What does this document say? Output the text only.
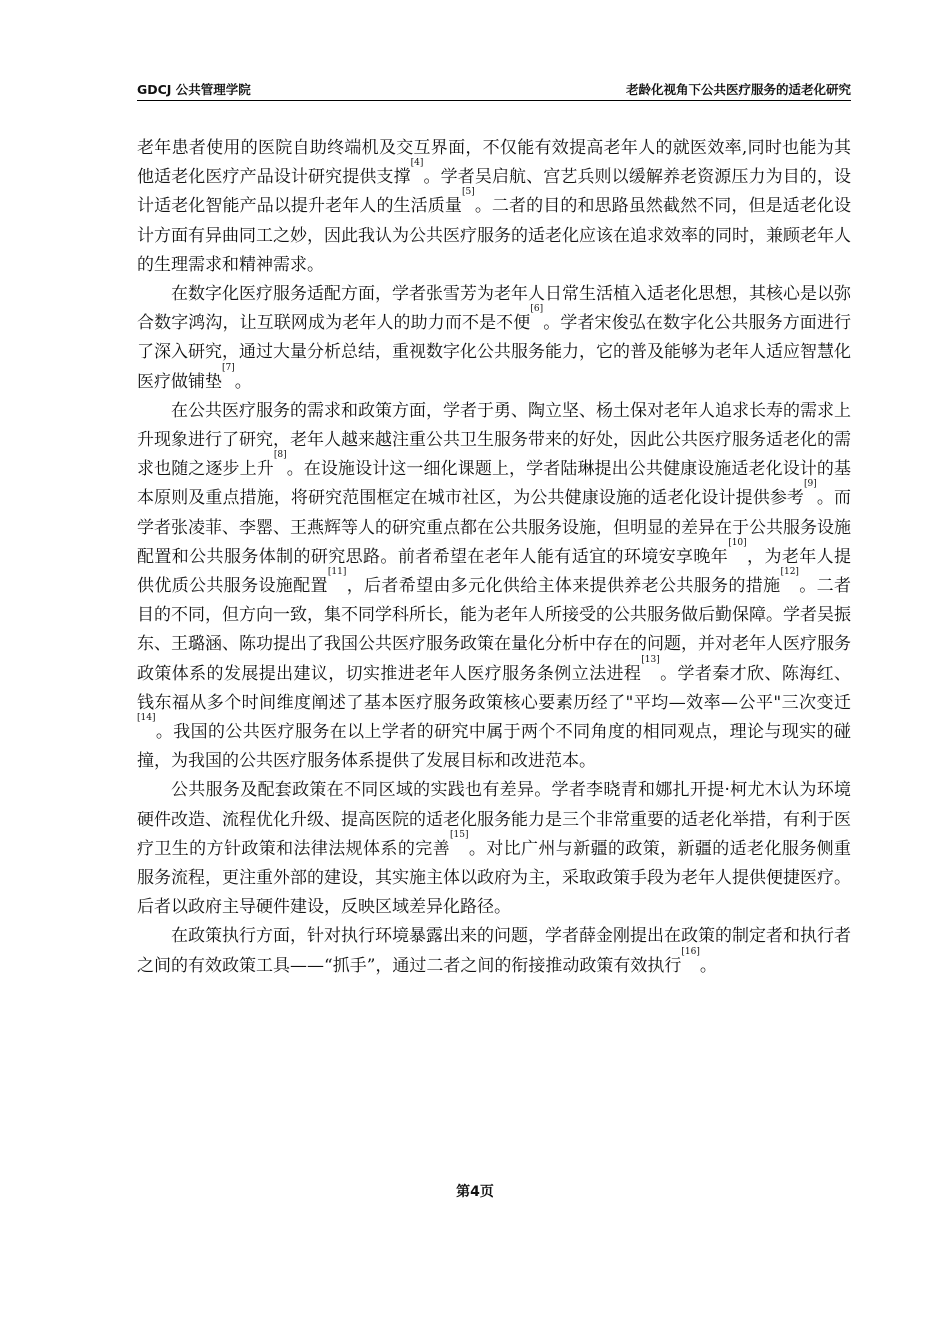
GDCJ 公共管理学院	老龄化视角下公共医疗服务的适老化研究

老年患者使用的医院自助终端机及交互界面，不仅能有效提高老年人的就医效率,同时也能为其他适老化医疗产品设计研究提供支撑[4]。学者吴启航、宫艺兵则以缓解养老资源压力为目的，设计适老化智能产品以提升老年人的生活质量[5]。二者的目的和思路虽然截然不同，但是适老化设计方面有异曲同工之妙，因此我认为公共医疗服务的适老化应该在追求效率的同时，兼顾老年人的生理需求和精神需求。

在数字化医疗服务适配方面，学者张雪芳为老年人日常生活植入适老化思想，其核心是以弥合数字鸿沟，让互联网成为老年人的助力而不是不便[6]。学者宋俊弘在数字化公共服务方面进行了深入研究，通过大量分析总结，重视数字化公共服务能力，它的普及能够为老年人适应智慧化医疗做铺垫[7]。

在公共医疗服务的需求和政策方面，学者于勇、陶立坚、杨土保对老年人追求长寿的需求上升现象进行了研究，老年人越来越注重公共卫生服务带来的好处，因此公共医疗服务适老化的需求也随之逐步上升[8]。在设施设计这一细化课题上，学者陆琳提出公共健康设施适老化设计的基本原则及重点措施，将研究范围框定在城市社区，为公共健康设施的适老化设计提供参考[9]。而学者张凌菲、李罂、王燕辉等人的研究重点都在公共服务设施，但明显的差异在于公共服务设施配置和公共服务体制的研究思路。前者希望在老年人能有适宜的环境安享晚年[10]，为老年人提供优质公共服务设施配置[11]，后者希望由多元化供给主体来提供养老公共服务的措施[12]。二者目的不同，但方向一致，集不同学科所长，能为老年人所接受的公共服务做后勤保障。学者吴振东、王璐涵、陈功提出了我国公共医疗服务政策在量化分析中存在的问题，并对老年人医疗服务政策体系的发展提出建议，切实推进老年人医疗服务条例立法进程[13]。学者秦才欣、陈海红、钱东福从多个时间维度阐述了基本医疗服务政策核心要素历经了"平均—效率—公平"三次变迁[14]。我国的公共医疗服务在以上学者的研究中属于两个不同角度的相同观点，理论与现实的碰撞，为我国的公共医疗服务体系提供了发展目标和改进范本。

公共服务及配套政策在不同区域的实践也有差异。学者李晓青和娜扎开提·柯尤木认为环境硬件改造、流程优化升级、提高医院的适老化服务能力是三个非常重要的适老化举措，有利于医疗卫生的方针政策和法律法规体系的完善[15]。对比广州与新疆的政策，新疆的适老化服务侧重服务流程，更注重外部的建设，其实施主体以政府为主，采取政策手段为老年人提供便捷医疗。后者以政府主导硬件建设，反映区域差异化路径。

在政策执行方面，针对执行环境暴露出来的问题，学者薛金刚提出在政策的制定者和执行者之间的有效政策工具——“抓手”，通过二者之间的衔接推动政策有效执行[16]。

第4页
